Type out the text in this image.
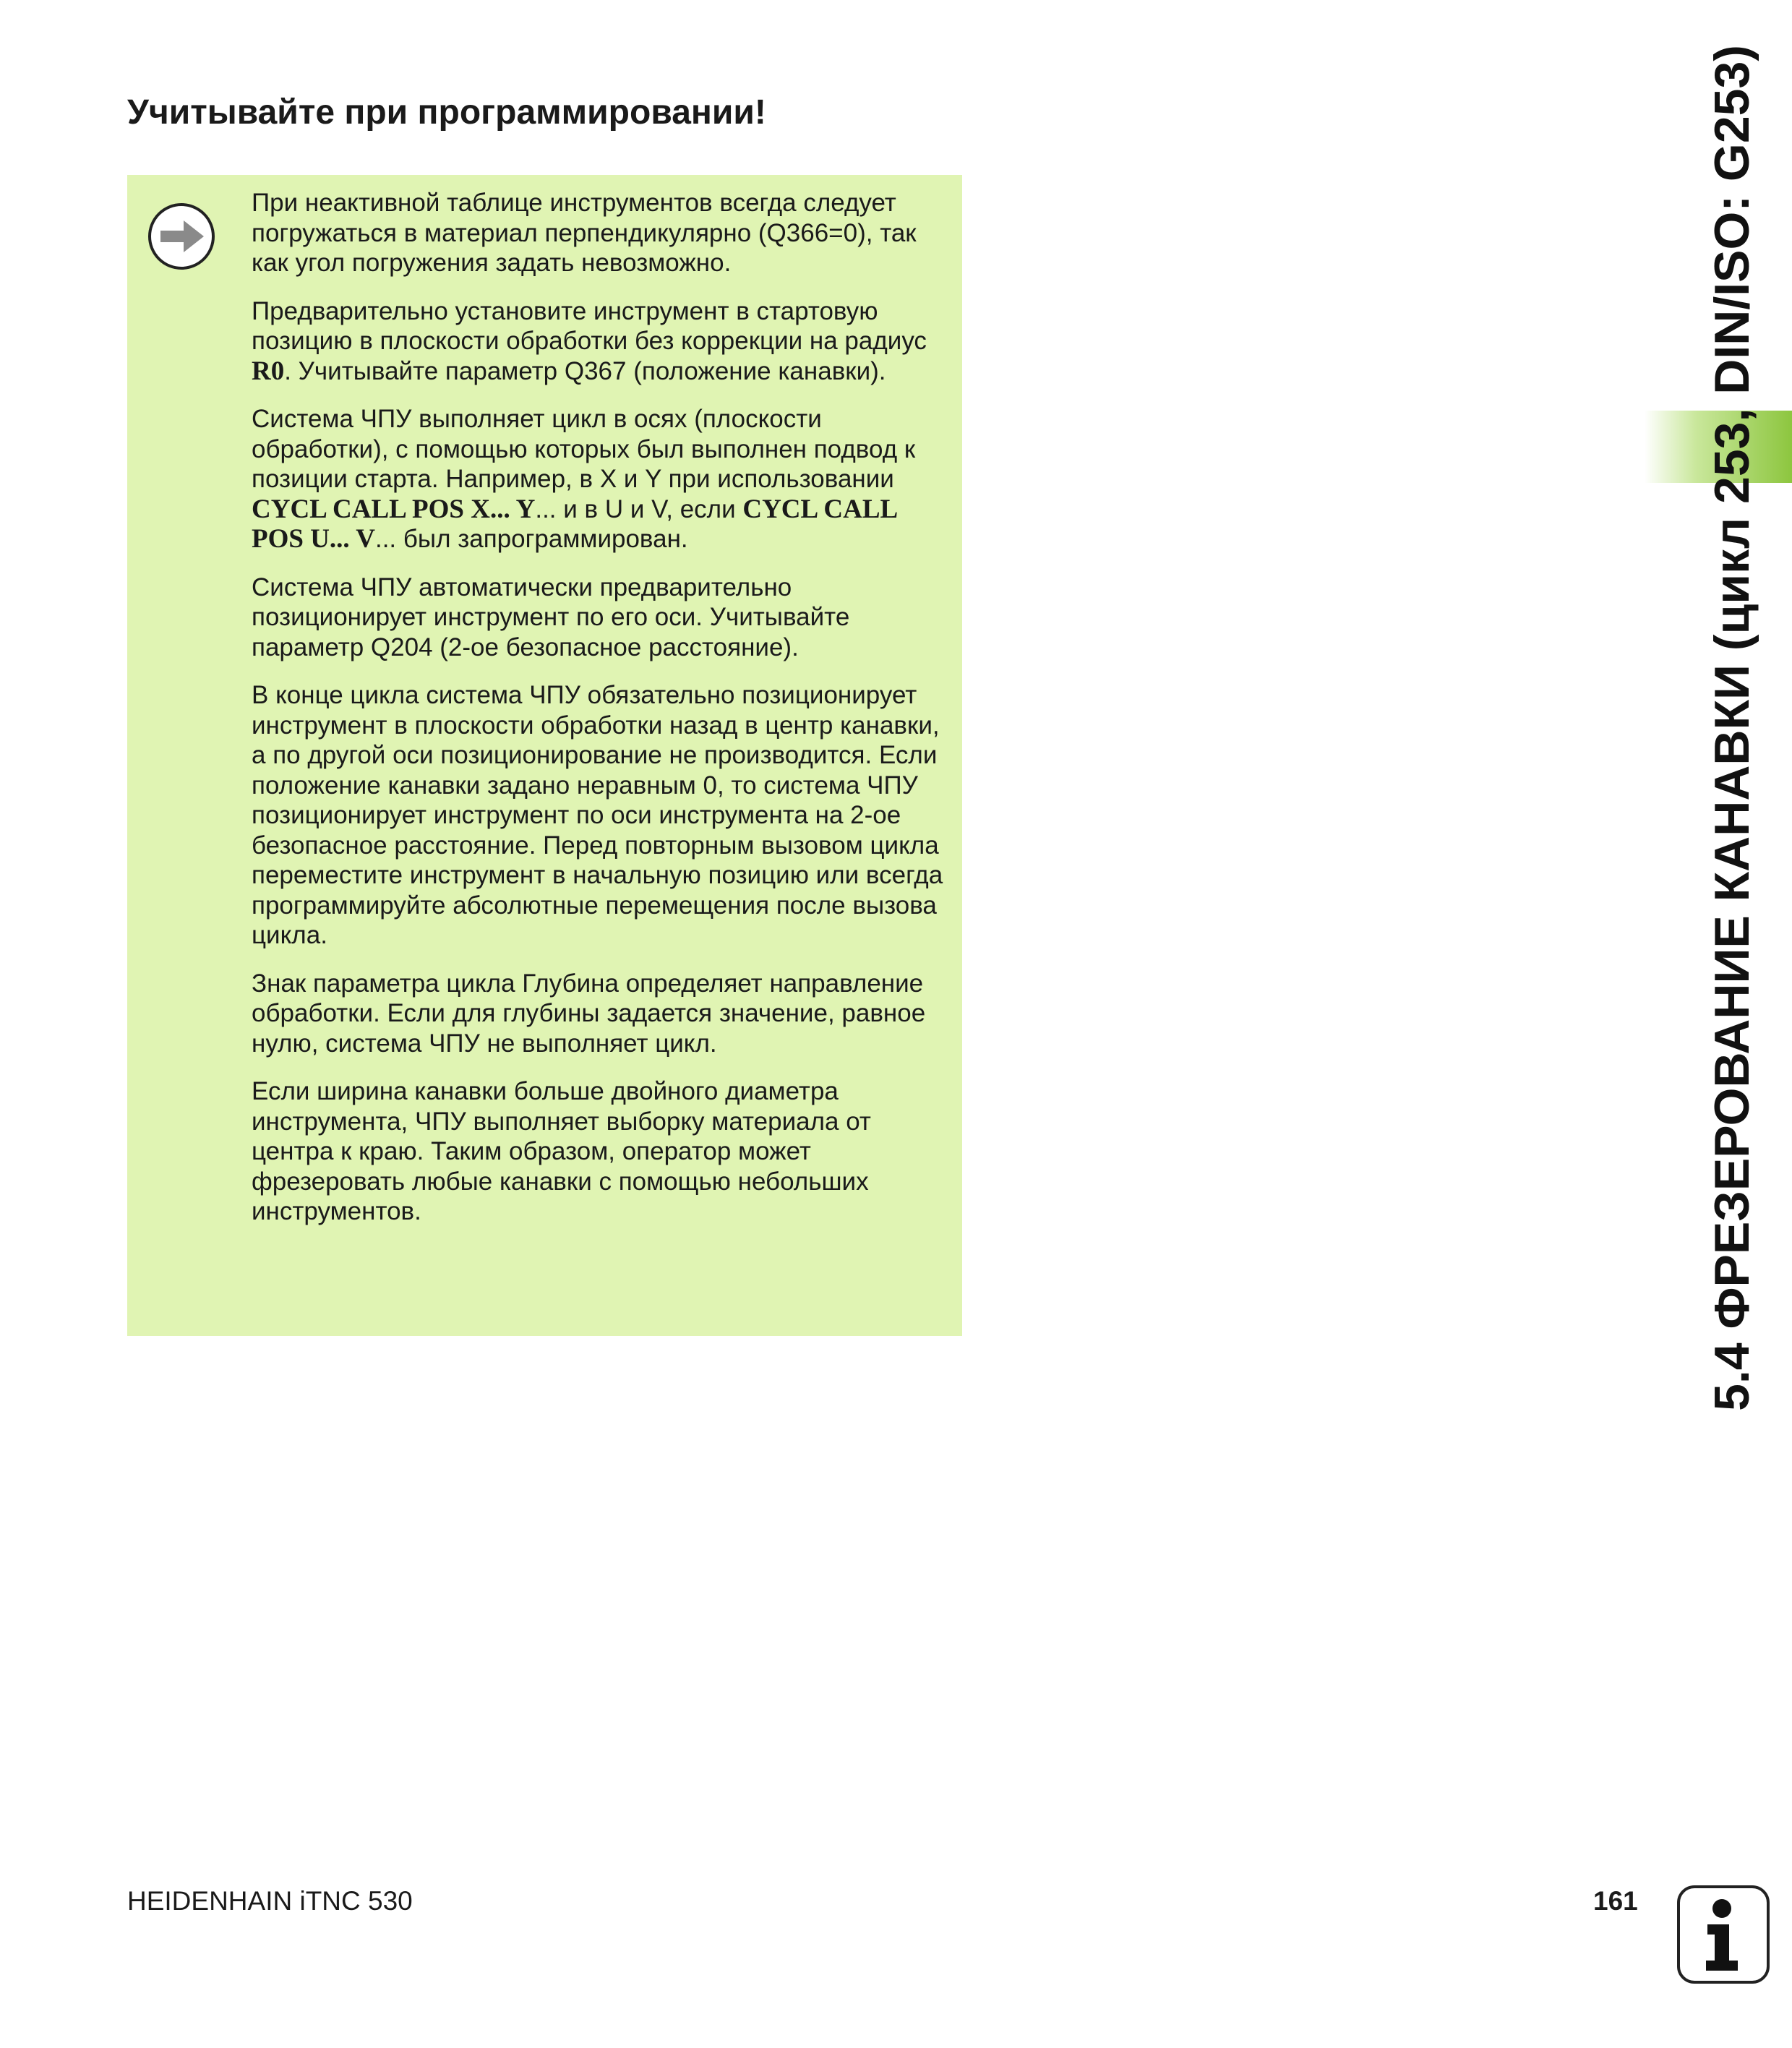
Учитывайте при программировании!

При неактивной таблице инструментов всегда следует погружаться в материал перпендикулярно (Q366=0), так как угол погружения задать невозможно.

Предварительно установите инструмент в стартовую позицию в плоскости обработки без коррекции на радиус R0. Учитывайте параметр Q367 (положение канавки).

Система ЧПУ выполняет цикл в осях (плоскости обработки), с помощью которых был выполнен подвод к позиции старта. Например, в X и Y при использовании CYCL CALL POS X... Y... и в U и V, если CYCL CALL POS U... V... был запрограммирован.

Система ЧПУ автоматически предварительно позиционирует инструмент по его оси. Учитывайте параметр Q204 (2-ое безопасное расстояние).

В конце цикла система ЧПУ обязательно позиционирует инструмент в плоскости обработки назад в центр канавки, а по другой оси позиционирование не производится. Если положение канавки задано неравным 0, то система ЧПУ позиционирует инструмент по оси инструмента на 2-ое безопасное расстояние. Перед повторным вызовом цикла переместите инструмент в начальную позицию или всегда программируйте абсолютные перемещения после вызова цикла.

Знак параметра цикла Глубина определяет направление обработки. Если для глубины задается значение, равное нулю, система ЧПУ не выполняет цикл.

Если ширина канавки больше двойного диаметра инструмента, ЧПУ выполняет выборку материала от центра к краю. Таким образом, оператор может фрезеровать любые канавки с помощью небольших инструментов.	5.4 ФРЕЗЕРОВАНИЕ КАНАВКИ (цикл 253, DIN/ISO: G253)
HEIDENHAIN iTNC 530	161
